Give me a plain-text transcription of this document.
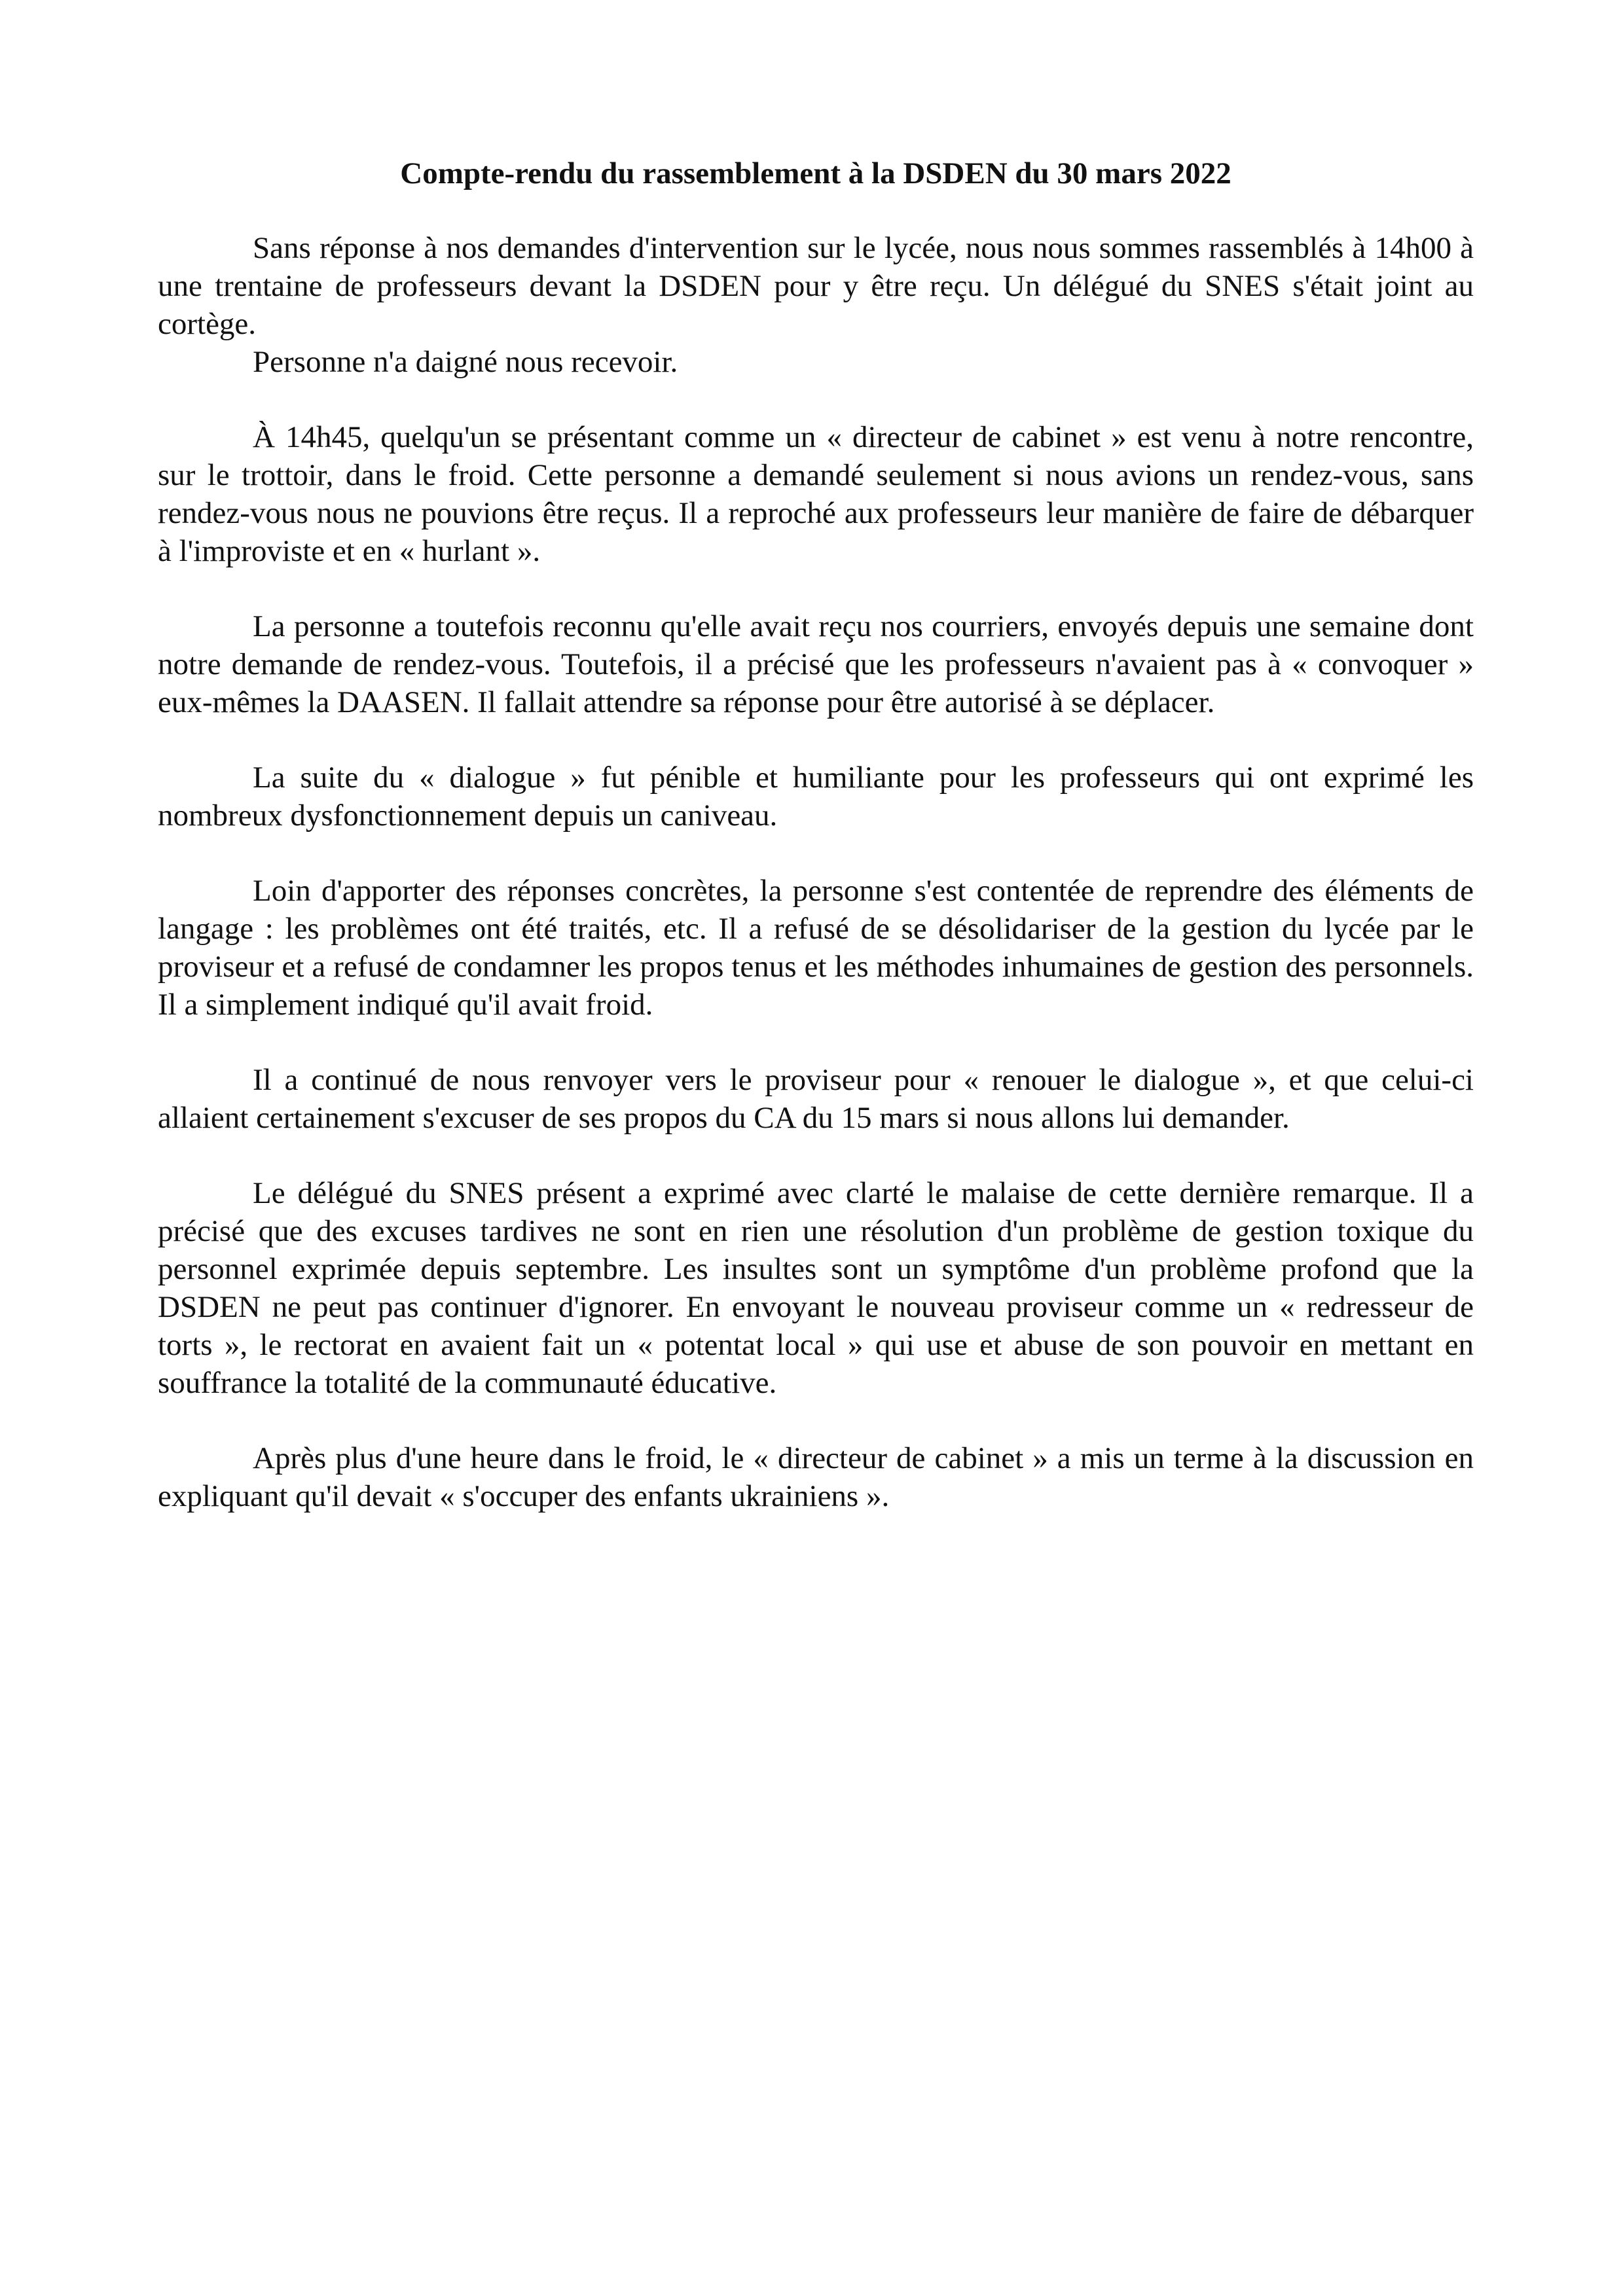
Compte-rendu du rassemblement à la DSDEN du 30 mars 2022

Sans réponse à nos demandes d'intervention sur le lycée, nous nous sommes rassemblés à 14h00 à une trentaine de professeurs devant la DSDEN pour y être reçu. Un délégué du SNES s'était joint au cortège.

Personne n'a daigné nous recevoir.

À 14h45, quelqu'un se présentant comme un « directeur de cabinet » est venu à notre rencontre, sur le trottoir, dans le froid. Cette personne a demandé seulement si nous avions un rendez-vous, sans rendez-vous nous ne pouvions être reçus. Il a reproché aux professeurs leur manière de faire de débarquer à l'improviste et en « hurlant ».

La personne a toutefois reconnu qu'elle avait reçu nos courriers, envoyés depuis une semaine dont notre demande de rendez-vous. Toutefois, il a précisé que les professeurs n'avaient pas à « convoquer » eux-mêmes la DAASEN. Il fallait attendre sa réponse pour être autorisé à se déplacer.

La suite du « dialogue » fut pénible et humiliante pour les professeurs qui ont exprimé les nombreux dysfonctionnement depuis un caniveau.

Loin d'apporter des réponses concrètes, la personne s'est contentée de reprendre des éléments de langage : les problèmes ont été traités, etc. Il a refusé de se désolidariser de la gestion du lycée par le proviseur et a refusé de condamner les propos tenus et les méthodes inhumaines de gestion des personnels. Il a simplement indiqué qu'il avait froid.

Il a continué de nous renvoyer vers le proviseur pour « renouer le dialogue », et que celui-ci allaient certainement s'excuser de ses propos du CA du 15 mars si nous allons lui demander.

Le délégué du SNES présent a exprimé avec clarté le malaise de cette dernière remarque. Il a précisé que des excuses tardives ne sont en rien une résolution d'un problème de gestion toxique du personnel exprimée depuis septembre. Les insultes sont un symptôme d'un problème profond que la DSDEN ne peut pas continuer d'ignorer. En envoyant le nouveau proviseur comme un « redresseur de torts », le rectorat en avaient fait un « potentat local » qui use et abuse de son pouvoir en mettant en souffrance la totalité de la communauté éducative.

Après plus d'une heure dans le froid, le « directeur de cabinet » a mis un terme à la discussion en expliquant qu'il devait « s'occuper des enfants ukrainiens ».
